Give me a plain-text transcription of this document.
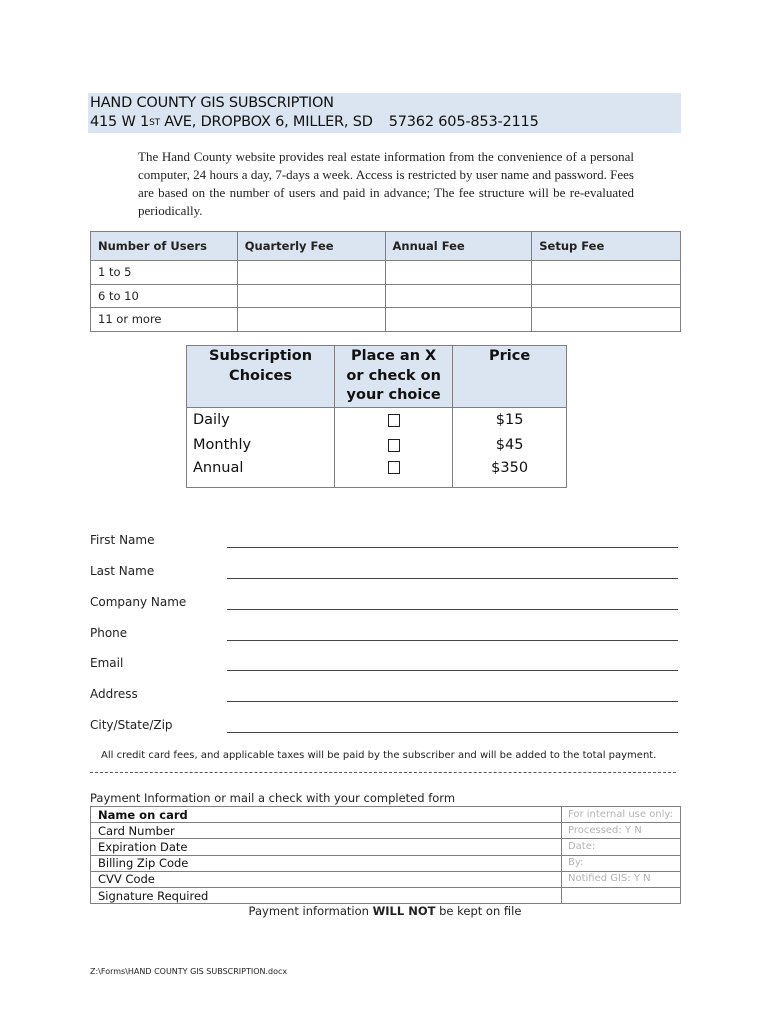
HAND COUNTY GIS SUBSCRIPTION
415 W 1ST AVE, DROPBOX 6, MILLER, SD 57362 605-853-2115
The Hand County website provides real estate information from the convenience of a personal computer, 24 hours a day, 7-days a week. Access is restricted by user name and password. Fees are based on the number of users and paid in advance; The fee structure will be re-evaluated periodically.
Number of Users	Quarterly Fee	Annual Fee	Setup Fee
1 to 5			
6 to 10			
11 or more			
Subscription Choices	Place an X or check on your choice	Price
Daily		$15
Monthly		$45
Annual		$350
First Name
Last Name
Company Name
Phone
Email
Address
City/State/Zip
All credit card fees, and applicable taxes will be paid by the subscriber and will be added to the total payment.
Payment Information or mail a check with your completed form
Name on card	For internal use only:
Card Number	Processed: Y N
Expiration Date	Date:
Billing Zip Code	By:
CVV Code	Notified GIS: Y N
Signature Required	
Payment information WILL NOT be kept on file
Z:\Forms\HAND COUNTY GIS SUBSCRIPTION.docx
